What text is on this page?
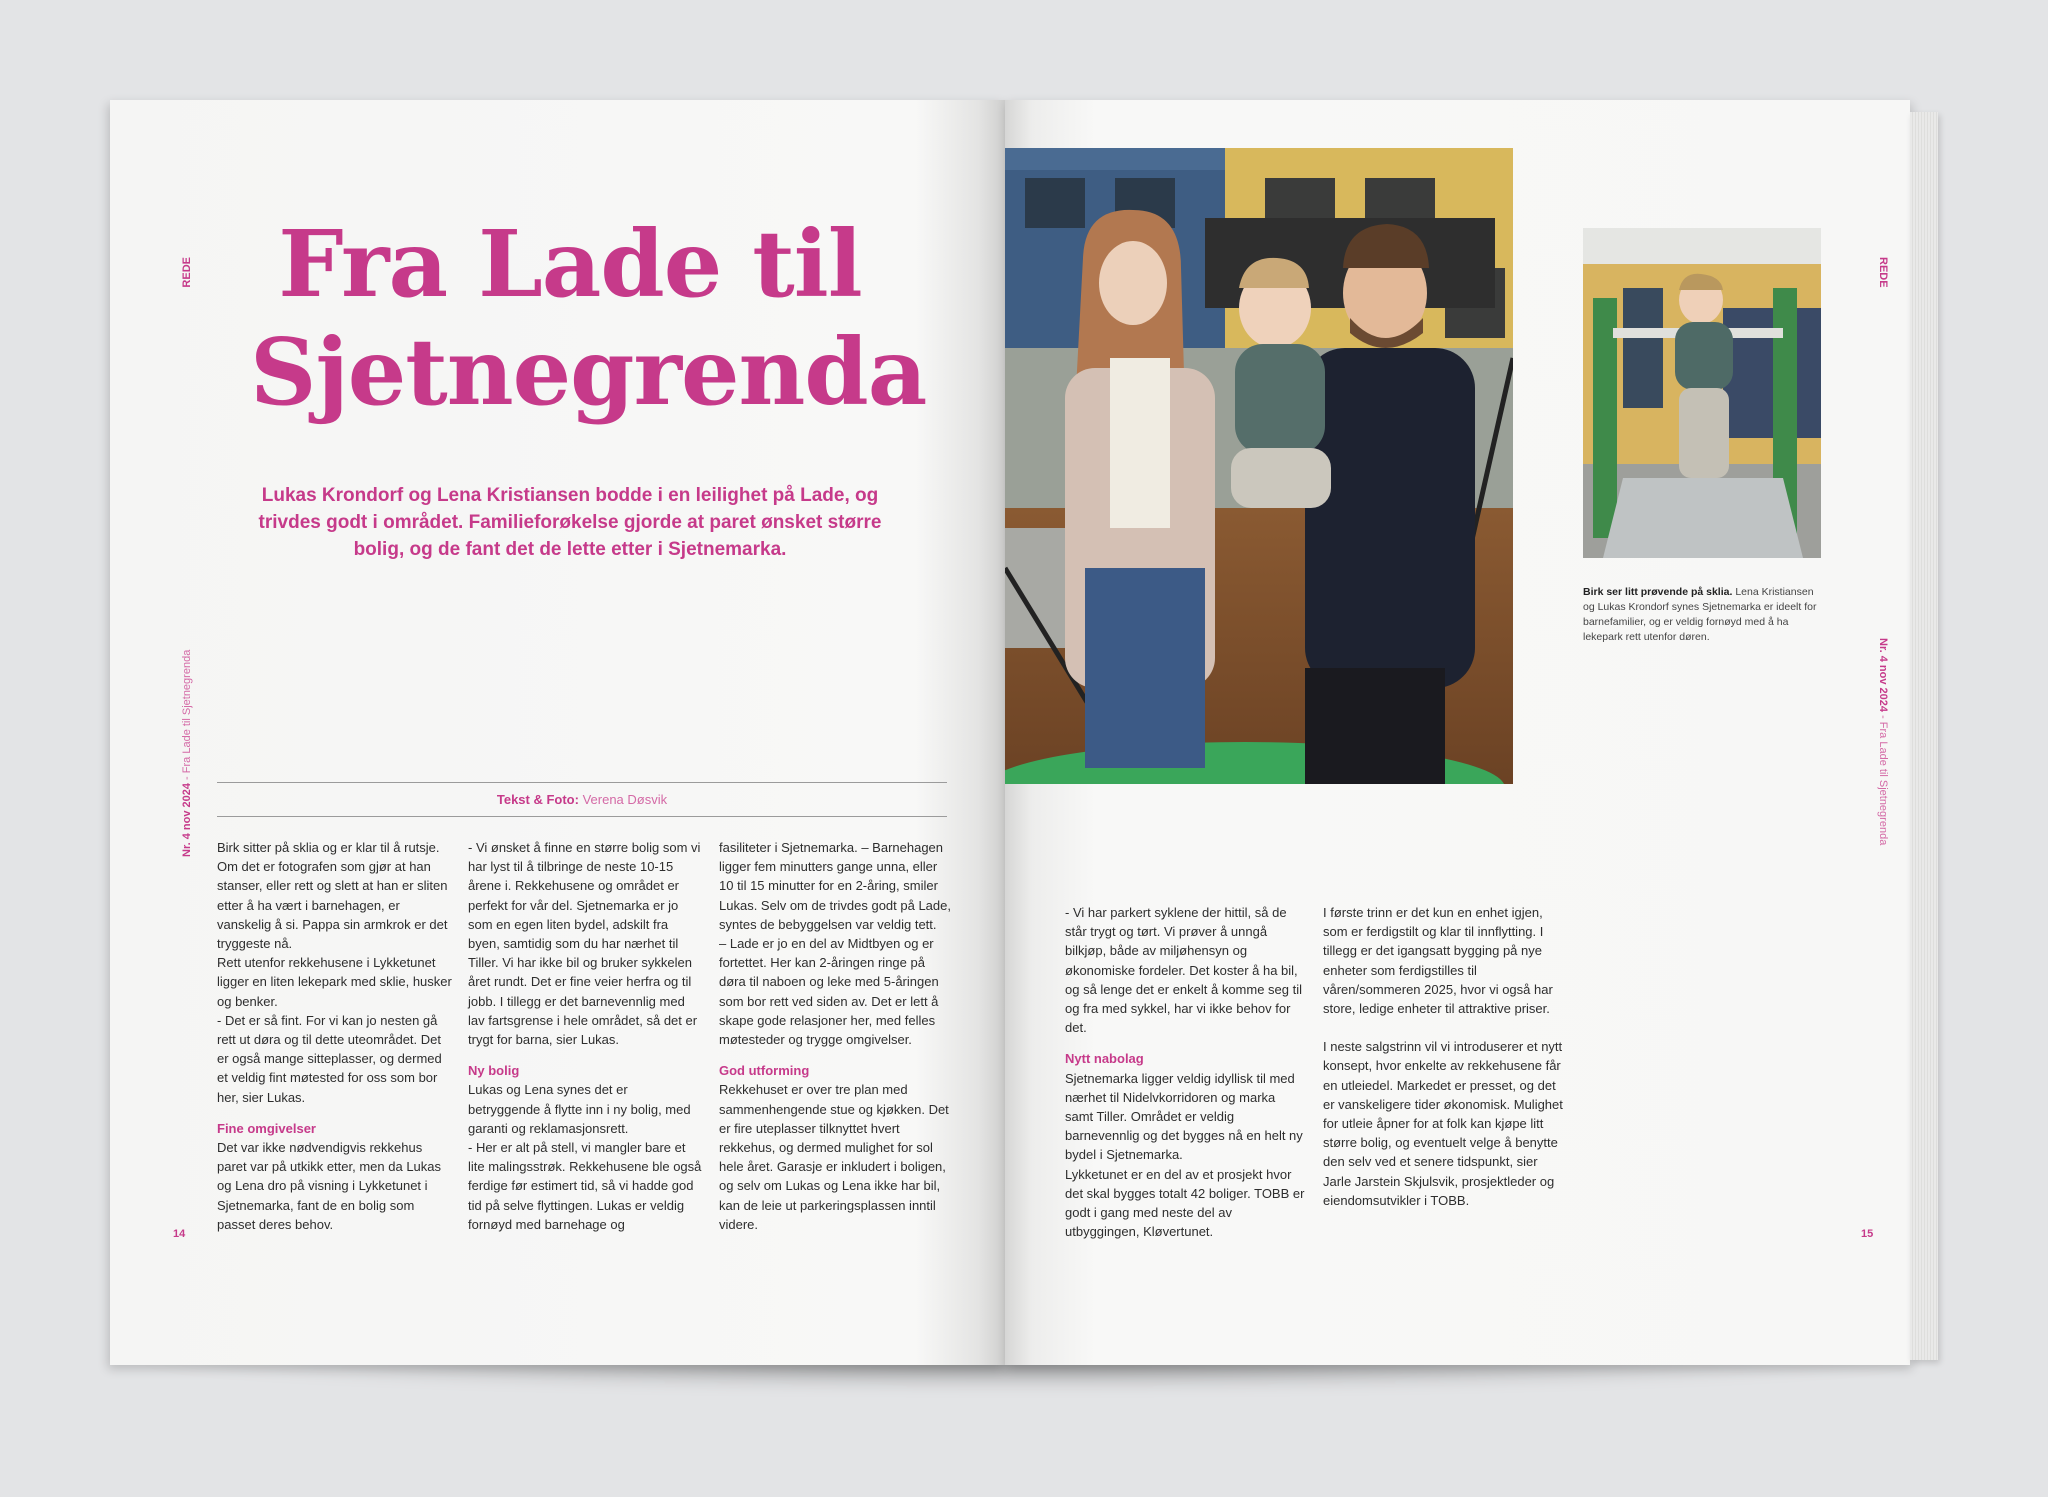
REDE
Nr. 4 nov 2024 - Fra Lade til Sjetnegrenda
Fra Lade til
Sjetnegrenda
Lukas Krondorf og Lena Kristiansen bodde i en leilighet på Lade, og trivdes godt i området. Familieforøkelse gjorde at paret ønsket større bolig, og de fant det de lette etter i Sjetnemarka.
Tekst & Foto: Verena Døsvik

Birk sitter på sklia og er klar til å rutsje. Om det er fotografen som gjør at han stanser, eller rett og slett at han er sliten etter å ha vært i barnehagen, er vanskelig å si. Pappa sin armkrok er det tryggeste nå.

Rett utenfor rekkehusene i Lykketunet ligger en liten lekepark med sklie, husker og benker.

- Det er så fint. For vi kan jo nesten gå rett ut døra og til dette uteområdet. Det er også mange sitteplasser, og dermed et veldig fint møtested for oss som bor her, sier Lukas.

Fine omgivelser

Det var ikke nødvendigvis rekkehus paret var på utkikk etter, men da Lukas og Lena dro på visning i Lykketunet i Sjetnemarka, fant de en bolig som passet deres behov.

- Vi ønsket å finne en større bolig som vi har lyst til å tilbringe de neste 10-15 årene i. Rekkehusene og området er perfekt for vår del. Sjetnemarka er jo som en egen liten bydel, adskilt fra byen, samtidig som du har nærhet til Tiller. Vi har ikke bil og bruker sykkelen året rundt. Det er fine veier herfra og til jobb. I tillegg er det barnevennlig med lav fartsgrense i hele området, så det er trygt for barna, sier Lukas.

Ny bolig

Lukas og Lena synes det er betryggende å flytte inn i ny bolig, med garanti og reklamasjonsrett.

- Her er alt på stell, vi mangler bare et lite malingsstrøk. Rekkehusene ble også ferdige før estimert tid, så vi hadde god tid på selve flyttingen. Lukas er veldig fornøyd med barnehage og

fasiliteter i Sjetnemarka. – Barnehagen ligger fem minutters gange unna, eller 10 til 15 minutter for en 2-åring, smiler Lukas. Selv om de trivdes godt på Lade, syntes de bebyggelsen var veldig tett.

– Lade er jo en del av Midtbyen og er fortettet. Her kan 2-åringen ringe på døra til naboen og leke med 5-åringen som bor rett ved siden av. Det er lett å skape gode relasjoner her, med felles møtesteder og trygge omgivelser.

God utforming

Rekkehuset er over tre plan med sammenhengende stue og kjøkken. Det er fire uteplasser tilknyttet hvert rekkehus, og dermed mulighet for sol hele året. Garasje er inkludert i boligen, og selv om Lukas og Lena ikke har bil, kan de leie ut parkeringsplassen inntil videre.

14
Birk ser litt prøvende på sklia. Lena Kristiansen og Lukas Krondorf synes Sjetnemarka er ideelt for barnefamilier, og er veldig fornøyd med å ha lekepark rett utenfor døren.
REDE
Nr. 4 nov 2024 - Fra Lade til Sjetnegrenda

- Vi har parkert syklene der hittil, så de står trygt og tørt. Vi prøver å unngå bilkjøp, både av miljøhensyn og økonomiske fordeler. Det koster å ha bil, og så lenge det er enkelt å komme seg til og fra med sykkel, har vi ikke behov for det.

Nytt nabolag

Sjetnemarka ligger veldig idyllisk til med nærhet til Nidelvkorridoren og marka samt Tiller. Området er veldig barnevennlig og det bygges nå en helt ny bydel i Sjetnemarka.

Lykketunet er en del av et prosjekt hvor det skal bygges totalt 42 boliger. TOBB er godt i gang med neste del av utbyggingen, Kløvertunet.

I første trinn er det kun en enhet igjen, som er ferdigstilt og klar til innflytting. I tillegg er det igangsatt bygging på nye enheter som ferdigstilles til våren/sommeren 2025, hvor vi også har store, ledige enheter til attraktive priser.

I neste salgstrinn vil vi introduserer et nytt konsept, hvor enkelte av rekkehusene får en utleiedel. Markedet er presset, og det er vanskeligere tider økonomisk. Mulighet for utleie åpner for at folk kan kjøpe litt større bolig, og eventuelt velge å benytte den selv ved et senere tidspunkt, sier Jarle Jarstein Skjulsvik, prosjektleder og eiendomsutvikler i TOBB.

15
